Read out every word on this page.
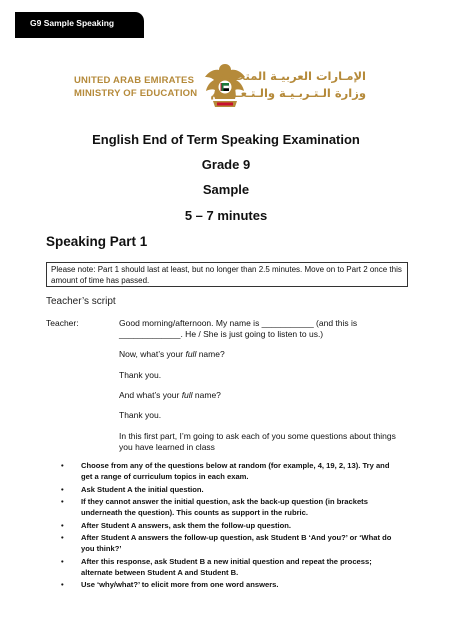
G9 Sample Speaking
UNITED ARAB EMIRATES
MINISTRY OF EDUCATION
الإمـارات العربيـة المتحـدة
وزارة الـتـربـيـة والـتـعـلـيـم
English End of Term Speaking Examination
Grade 9
Sample
5 – 7 minutes
Speaking Part 1
Please note: Part 1 should last at least, but no longer than 2.5 minutes. Move on to Part 2 once this amount of time has passed.
Teacher’s script
Teacher:	Good morning/afternoon. My name is ___________ (and this is _____________. He / She is just going to listen to us.)
Now, what’s your full name?
Thank you.
And what’s your full name?
Thank you.
In this first part, I’m going to ask each of you some questions about things you have learned in class
• Choose from any of the questions below at random (for example, 4, 19, 2, 13). Try and get a range of curriculum topics in each exam.
• Ask Student A the initial question.
• If they cannot answer the initial question, ask the back-up question (in brackets underneath the question). This counts as support in the rubric.
• After Student A answers, ask them the follow-up question.
• After Student A answers the follow-up question, ask Student B ‘And you?’ or ‘What do you think?’
• After this response, ask Student B a new initial question and repeat the process; alternate between Student A and Student B.
• Use ‘why/what?’ to elicit more from one word answers.
